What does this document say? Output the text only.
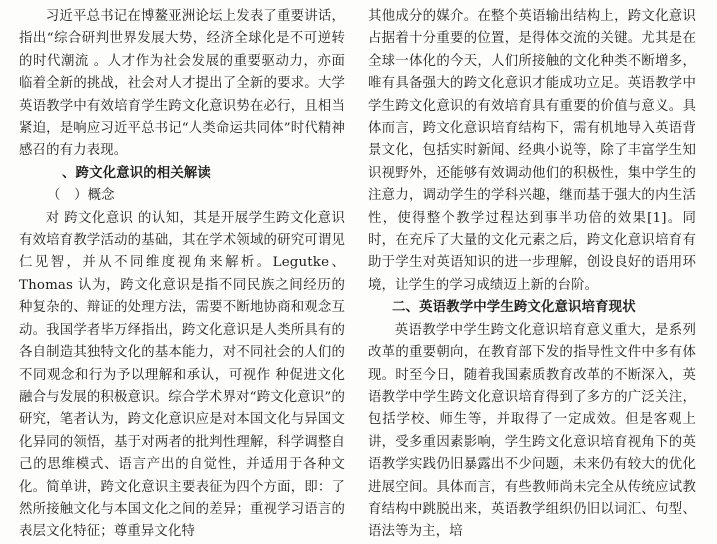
习近平总书记在博鳌亚洲论坛上发表了重要讲话，指出“综合研判世界发展大势，经济全球化是不可逆转的时代潮流 。人才作为社会发展的重要驱动力，亦面临着全新的挑战，社会对人才提出了全新的要求。大学英语教学中有效培育学生跨文化意识势在必行，且相当紧迫，是响应习近平总书记“人类命运共同体”时代精神感召的有力表现。

、跨文化意识的相关解读

（　）概念

对 跨文化意识 的认知，其是开展学生跨文化意识有效培育教学活动的基础，其在学术领域的研究可谓见仁见智，并从不同维度视角来解析。Legutke、Thomas 认为，跨文化意识是指不同民族之间经历的 种复杂的、辩证的处理方法，需要不断地协商和观念互动。我国学者毕万绎指出，跨文化意识是人类所具有的各自制造其独特文化的基本能力，对不同社会的人们的不同观念和行为予以理解和承认，可视作 种促进文化融合与发展的积极意识。综合学术界对“跨文化意识”的研究，笔者认为，跨文化意识应是对本国文化与异国文化异同的领悟，基于对两者的批判性理解，科学调整自己的思维模式、语言产出的自觉性，并适用于各种文化。简单讲，跨文化意识主要表征为四个方面，即：了然所接触文化与本国文化之间的差异；重视学习语言的表层文化特征；尊重异文化特

其他成分的媒介。在整个英语输出结构上，跨文化意识占据着十分重要的位置，是得体交流的关键。尤其是在全球一体化的今天，人们所接触的文化种类不断增多，唯有具备强大的跨文化意识才能成功立足。英语教学中学生跨文化意识的有效培育具有重要的价值与意义。具体而言，跨文化意识培育结构下，需有机地导入英语背景文化，包括实时新闻、经典小说等，除了丰富学生知识视野外，还能够有效调动他们的积极性，集中学生的注意力，调动学生的学科兴趣，继而基于强大的内生活性，使得整个教学过程达到事半功倍的效果[1]。同时，在充斥了大量的文化元素之后，跨文化意识培育有助于学生对英语知识的进一步理解，创设良好的语用环境，让学生的学习成绩迈上新的台阶。

二、英语教学中学生跨文化意识培育现状

英语教学中学生跨文化意识培育意义重大，是系列改革的重要朝向，在教育部下发的指导性文件中多有体现。时至今日，随着我国素质教育改革的不断深入，英语教学中学生跨文化意识培育得到了多方的广泛关注，包括学校、师生等，并取得了一定成效。但是客观上讲，受多重因素影响，学生跨文化意识培育视角下的英语教学实践仍旧暴露出不少问题，未来仍有较大的优化进展空间。具体而言，有些教师尚未完全从传统应试教育结构中跳脱出来，英语教学组织仍旧以词汇、句型、语法等为主，培
